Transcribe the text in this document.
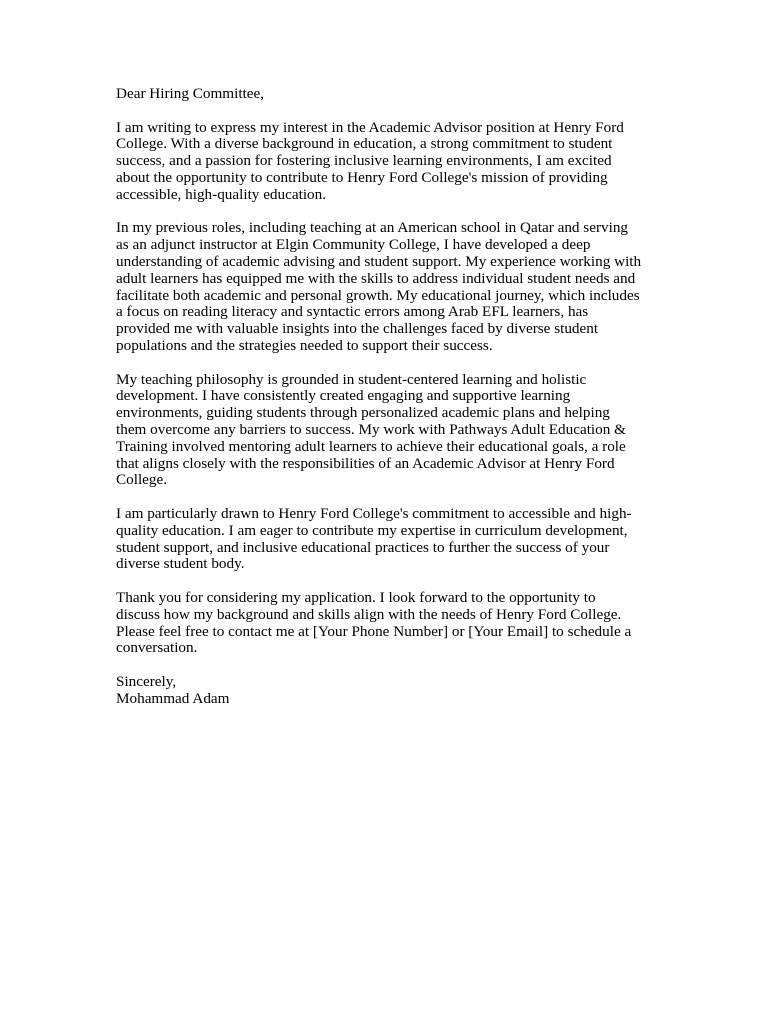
Dear Hiring Committee,

I am writing to express my interest in the Academic Advisor position at Henry Ford

College. With a diverse background in education, a strong commitment to student

success, and a passion for fostering inclusive learning environments, I am excited

about the opportunity to contribute to Henry Ford College's mission of providing

accessible, high-quality education.

In my previous roles, including teaching at an American school in Qatar and serving

as an adjunct instructor at Elgin Community College, I have developed a deep

understanding of academic advising and student support. My experience working with

adult learners has equipped me with the skills to address individual student needs and

facilitate both academic and personal growth. My educational journey, which includes

a focus on reading literacy and syntactic errors among Arab EFL learners, has

provided me with valuable insights into the challenges faced by diverse student

populations and the strategies needed to support their success.

My teaching philosophy is grounded in student-centered learning and holistic

development. I have consistently created engaging and supportive learning

environments, guiding students through personalized academic plans and helping

them overcome any barriers to success. My work with Pathways Adult Education &

Training involved mentoring adult learners to achieve their educational goals, a role

that aligns closely with the responsibilities of an Academic Advisor at Henry Ford

College.

I am particularly drawn to Henry Ford College's commitment to accessible and high-

quality education. I am eager to contribute my expertise in curriculum development,

student support, and inclusive educational practices to further the success of your

diverse student body.

Thank you for considering my application. I look forward to the opportunity to

discuss how my background and skills align with the needs of Henry Ford College.

Please feel free to contact me at [Your Phone Number] or [Your Email] to schedule a

conversation.

Sincerely,

Mohammad Adam
